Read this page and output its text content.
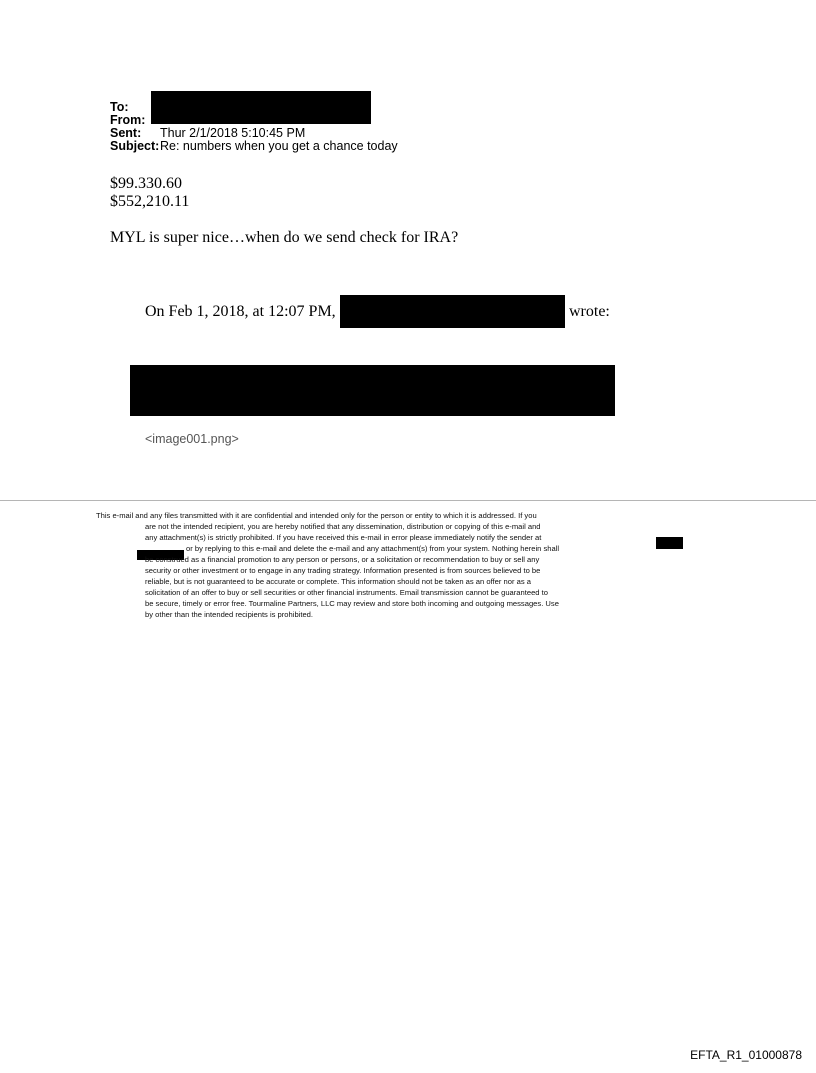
To:
From:
Sent: Thur 2/1/2018 5:10:45 PM
Subject: Re: numbers when you get a chance today
$99.330.60
$552,210.11
MYL is super nice…when do we send check for IRA?
On Feb 1, 2018, at 12:07 PM,	wrote:
<image001.png>
This e-mail and any files transmitted with it are confidential and intended only for the person or entity to which it is addressed. If you
are not the intended recipient, you are hereby notified that any dissemination, distribution or copying of this e-mail and
any attachment(s) is strictly prohibited. If you have received this e-mail in error please immediately notify the sender at
or by replying to this e-mail and delete the e-mail and any attachment(s) from your system. Nothing herein shall
be construed as a financial promotion to any person or persons, or a solicitation or recommendation to buy or sell any
security or other investment or to engage in any trading strategy. Information presented is from sources believed to be
reliable, but is not guaranteed to be accurate or complete. This information should not be taken as an offer nor as a
solicitation of an offer to buy or sell securities or other financial instruments. Email transmission cannot be guaranteed to
be secure, timely or error free. Tourmaline Partners, LLC may review and store both incoming and outgoing messages. Use
by other than the intended recipients is prohibited.
EFTA_R1_01000878
